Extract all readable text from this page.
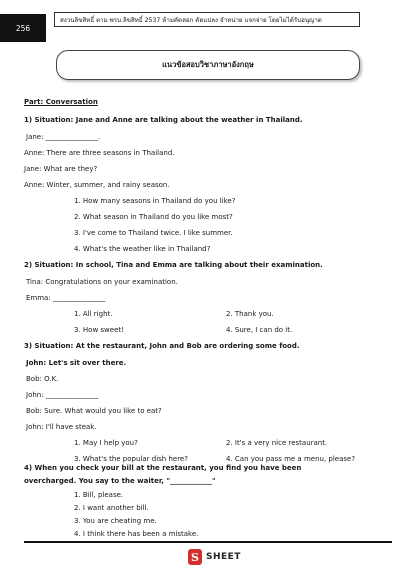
256
สงวนลิขสิทธิ์ ตาม พรบ.ลิขสิทธิ์ 2537 ห้ามคัดลอก ดัดแปลง จำหน่าย แจกจ่าย โดยไม่ได้รับอนุญาต
แนวข้อสอบวิชาภาษาอังกฤษ
Part: Conversation
1) Situation: Jane and Anne are talking about the weather in Thailand.
Jane: _______________.
Anne: There are three seasons in Thailand.
Jane: What are they?
Anne: Winter, summer, and rainy season.
1. How many seasons in Thailand do you like?
2. What season in Thailand do you like most?
3. I've come to Thailand twice. I like summer.
4. What's the weather like in Thailand?
2) Situation: In school, Tina and Emma are talking about their examination.
Tina: Congratulations on your examination.
Emma: _______________
1. All right.	2. Thank you.
3. How sweet!	4. Sure, I can do it.
3) Situation: At the restaurant, John and Bob are ordering some food.
John: Let's sit over there.
Bob: O.K.
John: _______________
Bob: Sure. What would you like to eat?
John: I'll have steak.
1. May I help you?	2. It's a very nice restaurant.
3. What's the popular dish here?	4. Can you pass me a menu, please?
4) When you check your bill at the restaurant, you find you have been
overcharged. You say to the waiter, "____________"
1. Bill, please.
2. I want another bill.
3. You are cheating me.
4. I think there has been a mistake.
S SHEET
